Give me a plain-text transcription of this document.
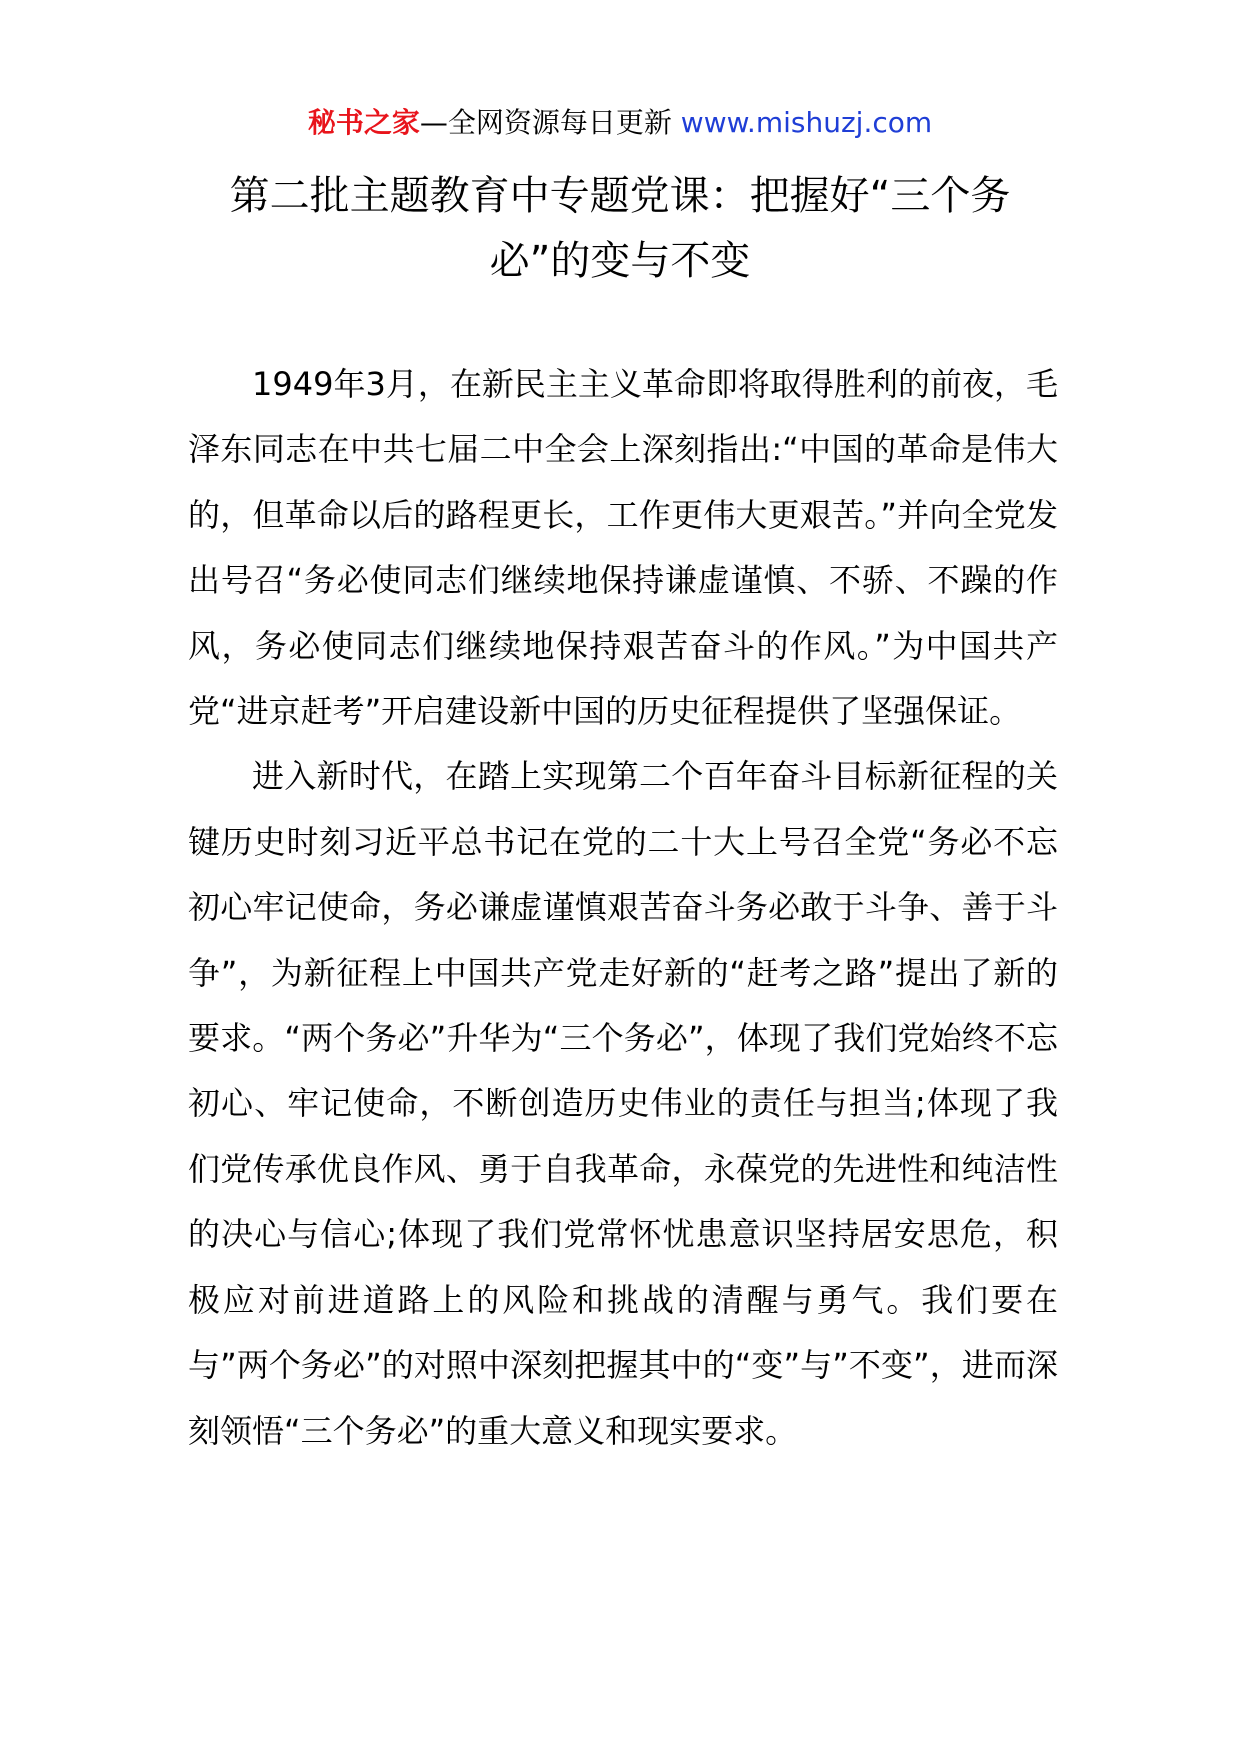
秘书之家—全网资源每日更新 www.mishuzj.com
第二批主题教育中专题党课：把握好“三个务必”的变与不变

1949年3月，在新民主主义革命即将取得胜利的前夜，毛泽东同志在中共七届二中全会上深刻指出:“中国的革命是伟大的，但革命以后的路程更长，工作更伟大更艰苦。”并向全党发出号召“务必使同志们继续地保持谦虚谨慎、不骄、不躁的作风，务必使同志们继续地保持艰苦奋斗的作风。”为中国共产党“进京赶考”开启建设新中国的历史征程提供了坚强保证。

进入新时代，在踏上实现第二个百年奋斗目标新征程的关键历史时刻习近平总书记在党的二十大上号召全党“务必不忘初心牢记使命，务必谦虚谨慎艰苦奋斗务必敢于斗争、善于斗争”，为新征程上中国共产党走好新的“赶考之路”提出了新的要求。“两个务必”升华为“三个务必”，体现了我们党始终不忘初心、牢记使命，不断创造历史伟业的责任与担当;体现了我们党传承优良作风、勇于自我革命，永葆党的先进性和纯洁性的决心与信心;体现了我们党常怀忧患意识坚持居安思危，积极应对前进道路上的风险和挑战的清醒与勇气。我们要在与”两个务必”的对照中深刻把握其中的“变”与”不变”，进而深刻领悟“三个务必”的重大意义和现实要求。
